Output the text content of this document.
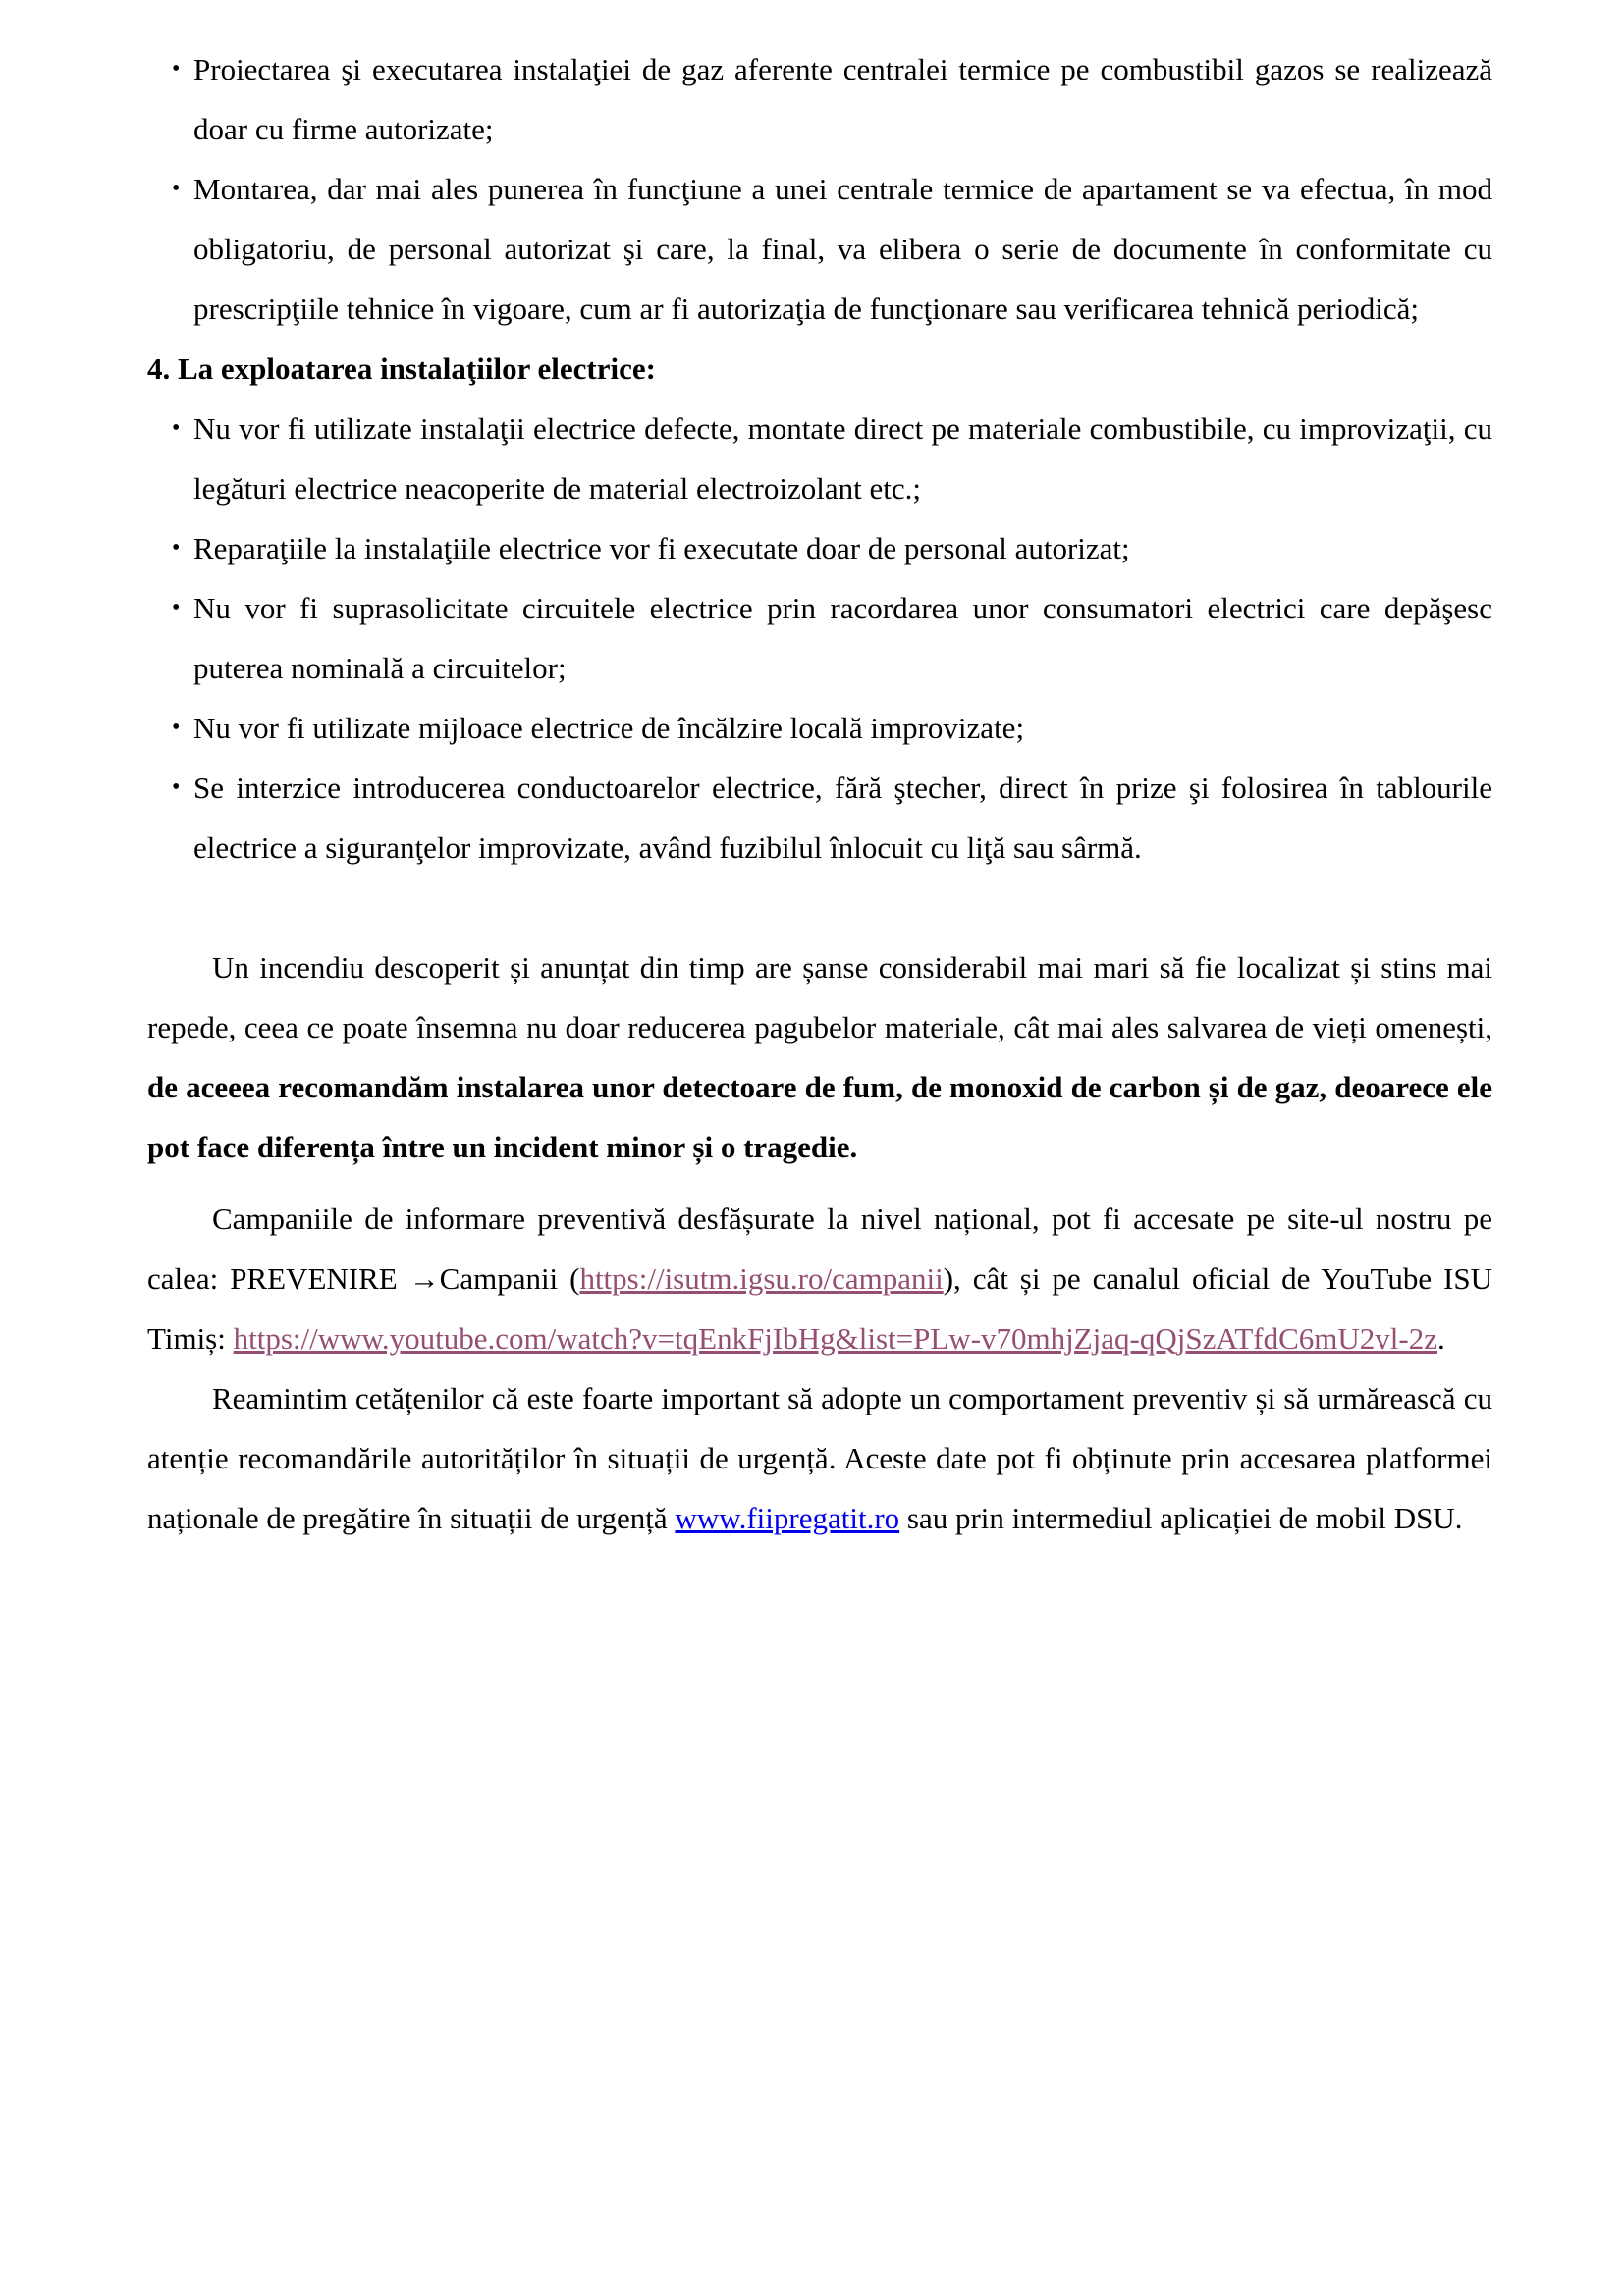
• Proiectarea şi executarea instalaţiei de gaz aferente centralei termice pe combustibil gazos se realizează doar cu firme autorizate;
• Montarea, dar mai ales punerea în funcţiune a unei centrale termice de apartament se va efectua, în mod obligatoriu, de personal autorizat şi care, la final, va elibera o serie de documente în conformitate cu prescripţiile tehnice în vigoare, cum ar fi autorizaţia de funcţionare sau verificarea tehnică periodică;

4. La exploatarea instalaţiilor electrice:

• Nu vor fi utilizate instalaţii electrice defecte, montate direct pe materiale combustibile, cu improvizaţii, cu legături electrice neacoperite de material electroizolant etc.;
• Reparaţiile la instalaţiile electrice vor fi executate doar de personal autorizat;
• Nu vor fi suprasolicitate circuitele electrice prin racordarea unor consumatori electrici care depăşesc puterea nominală a circuitelor;
• Nu vor fi utilizate mijloace electrice de încălzire locală improvizate;
• Se interzice introducerea conductoarelor electrice, fără ştecher, direct în prize şi folosirea în tablourile electrice a siguranţelor improvizate, având fuzibilul înlocuit cu liţă sau sârmă.

Un incendiu descoperit și anunțat din timp are șanse considerabil mai mari să fie localizat și stins mai repede, ceea ce poate însemna nu doar reducerea pagubelor materiale, cât mai ales salvarea de vieți omenești, de aceeea recomandăm instalarea unor detectoare de fum, de monoxid de carbon și de gaz, deoarece ele pot face diferența între un incident minor și o tragedie.

Campaniile de informare preventivă desfășurate la nivel național, pot fi accesate pe site-ul nostru pe calea: PREVENIRE →Campanii (https://isutm.igsu.ro/campanii), cât și pe canalul oficial de YouTube ISU Timiș: https://www.youtube.com/watch?v=tqEnkFjIbHg&list=PLw-v70mhjZjaq-qQjSzATfdC6mU2vl-2z.

Reamintim cetățenilor că este foarte important să adopte un comportament preventiv și să urmărească cu atenție recomandările autorităților în situații de urgență. Aceste date pot fi obținute prin accesarea platformei naționale de pregătire în situații de urgență www.fiipregatit.ro sau prin intermediul aplicației de mobil DSU.
